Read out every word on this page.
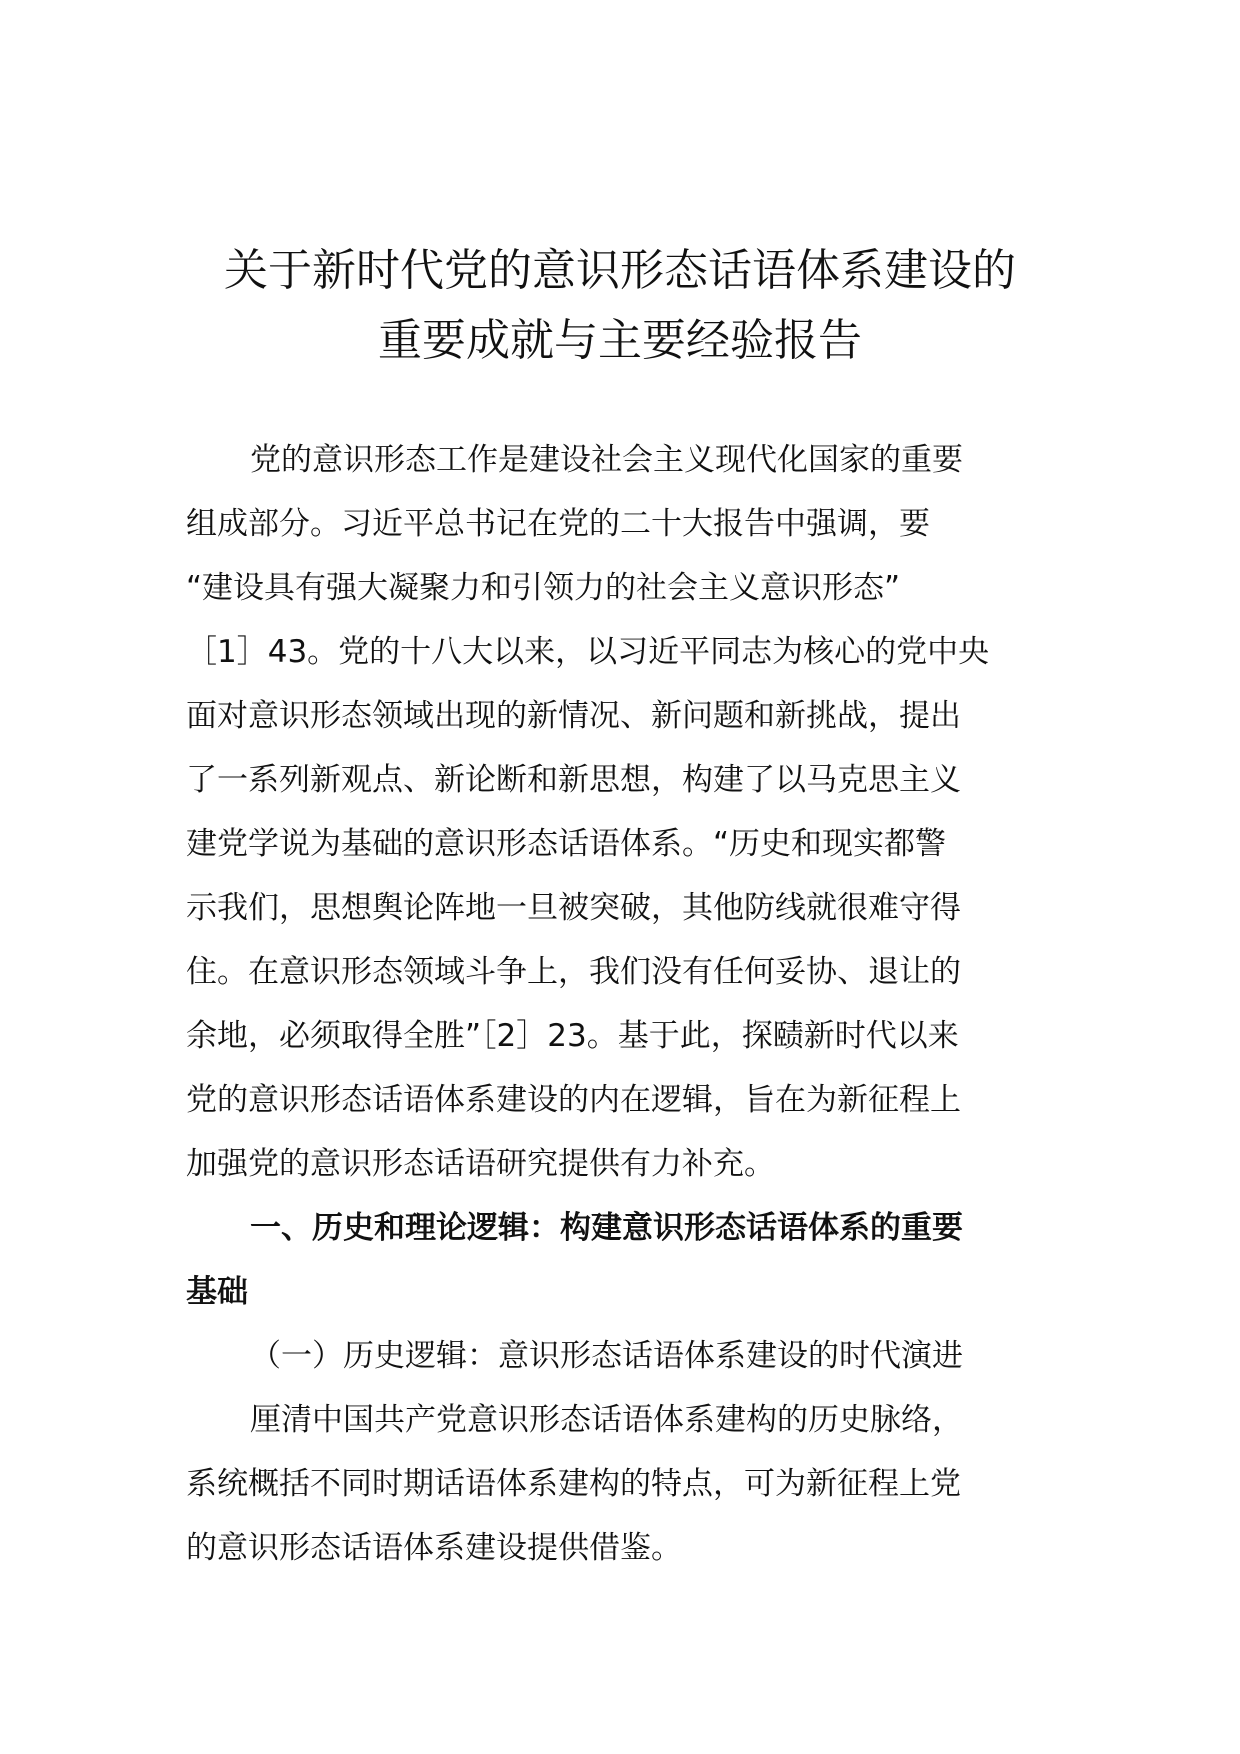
关于新时代党的意识形态话语体系建设的
重要成就与主要经验报告
党的意识形态工作是建设社会主义现代化国家的重要
组成部分。习近平总书记在党的二十大报告中强调，要
“建设具有强大凝聚力和引领力的社会主义意识形态”
［1］43。党的十八大以来，以习近平同志为核心的党中央
面对意识形态领域出现的新情况、新问题和新挑战，提出
了一系列新观点、新论断和新思想，构建了以马克思主义
建党学说为基础的意识形态话语体系。“历史和现实都警
示我们，思想舆论阵地一旦被突破，其他防线就很难守得
住。在意识形态领域斗争上，我们没有任何妥协、退让的
余地，必须取得全胜”［2］23。基于此，探赜新时代以来
党的意识形态话语体系建设的内在逻辑，旨在为新征程上
加强党的意识形态话语研究提供有力补充。
一、历史和理论逻辑：构建意识形态话语体系的重要
基础
（一）历史逻辑：意识形态话语体系建设的时代演进
厘清中国共产党意识形态话语体系建构的历史脉络，
系统概括不同时期话语体系建构的特点，可为新征程上党
的意识形态话语体系建设提供借鉴。
